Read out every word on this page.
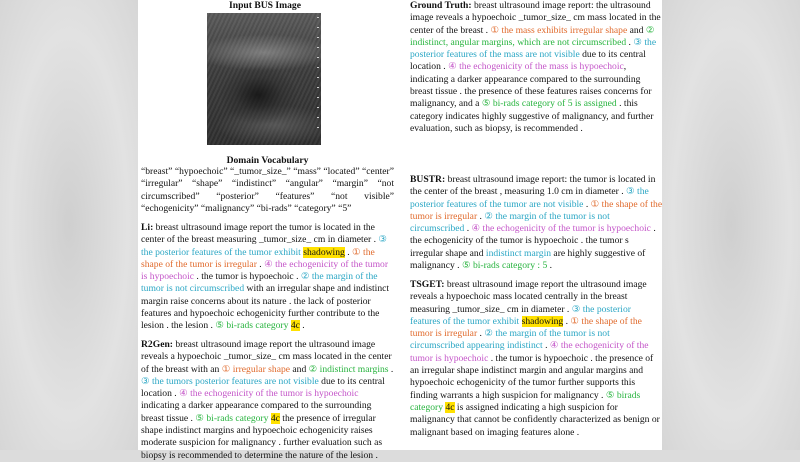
Input BUS Image
Domain Vocabulary

“breast” “hypoechoic” “_tumor_size_” “mass” “located” “center” “irregular” “shape” “indistinct” “angular” “margin” “not circumscribed” “posterior” “features” “not visible” “echogenicity” “malignancy” “bi-rads” “category” “5”

Li: breast ultrasound image report the tumor is located in the center of the breast measuring _tumor_size_ cm in diameter . ③ the posterior features of the tumor exhibit shadowing . ① the shape of the tumor is irregular . ④ the echogenicity of the tumor is hypoechoic . the tumor is hypoechoic . ② the margin of the tumor is not circumscribed with an irregular shape and indistinct margin raise concerns about its nature . the lack of posterior features and hypoechoic echogenicity further contribute to the lesion . the lesion . ⑤ bi-rads category 4c .

R2Gen: breast ultrasound image report the ultrasound image reveals a hypoechoic _tumor_size_ cm mass located in the center of the breast with an ① irregular shape and ② indistinct margins . ③ the tumors posterior features are not visible due to its central location . ④ the echogenicity of the tumor is hypoechoic indicating a darker appearance compared to the surrounding breast tissue . ⑤ bi-rads category 4c the presence of irregular shape indistinct margins and hypoechoic echogenicity raises moderate suspicion for malignancy . further evaluation such as biopsy is recommended to determine the nature of the lesion .

Ground Truth: breast ultrasound image report: the ultrasound image reveals a hypoechoic _tumor_size_ cm mass located in the center of the breast . ① the mass exhibits irregular shape and ② indistinct, angular margins, which are not circumscribed . ③ the posterior features of the mass are not visible due to its central location . ④ the echogenicity of the mass is hypoechoic, indicating a darker appearance compared to the surrounding breast tissue . the presence of these features raises concerns for malignancy, and a ⑤ bi-rads category of 5 is assigned . this category indicates highly suggestive of malignancy, and further evaluation, such as biopsy, is recommended .

BUSTR: breast ultrasound image report: the tumor is located in the center of the breast , measuring 1.0 cm in diameter . ③ the posterior features of the tumor are not visible . ① the shape of the tumor is irregular . ② the margin of the tumor is not circumscribed . ④ the echogenicity of the tumor is hypoechoic . the echogenicity of the tumor is hypoechoic . the tumor s irregular shape and indistinct margin are highly suggestive of malignancy . ⑤ bi-rads category : 5 .

TSGET: breast ultrasound image report the ultrasound image reveals a hypoechoic mass located centrally in the breast measuring _tumor_size_ cm in diameter . ③ the posterior features of the tumor exhibit shadowing . ① the shape of the tumor is irregular . ② the margin of the tumor is not circumscribed appearing indistinct . ④ the echogenicity of the tumor is hypoechoic . the tumor is hypoechoic . the presence of an irregular shape indistinct margin and angular margins and hypoechoic echogenicity of the tumor further supports this finding warrants a high suspicion for malignancy . ⑤ birads category 4c is assigned indicating a high suspicion for malignancy that cannot be confidently characterized as benign or malignant based on imaging features alone .
